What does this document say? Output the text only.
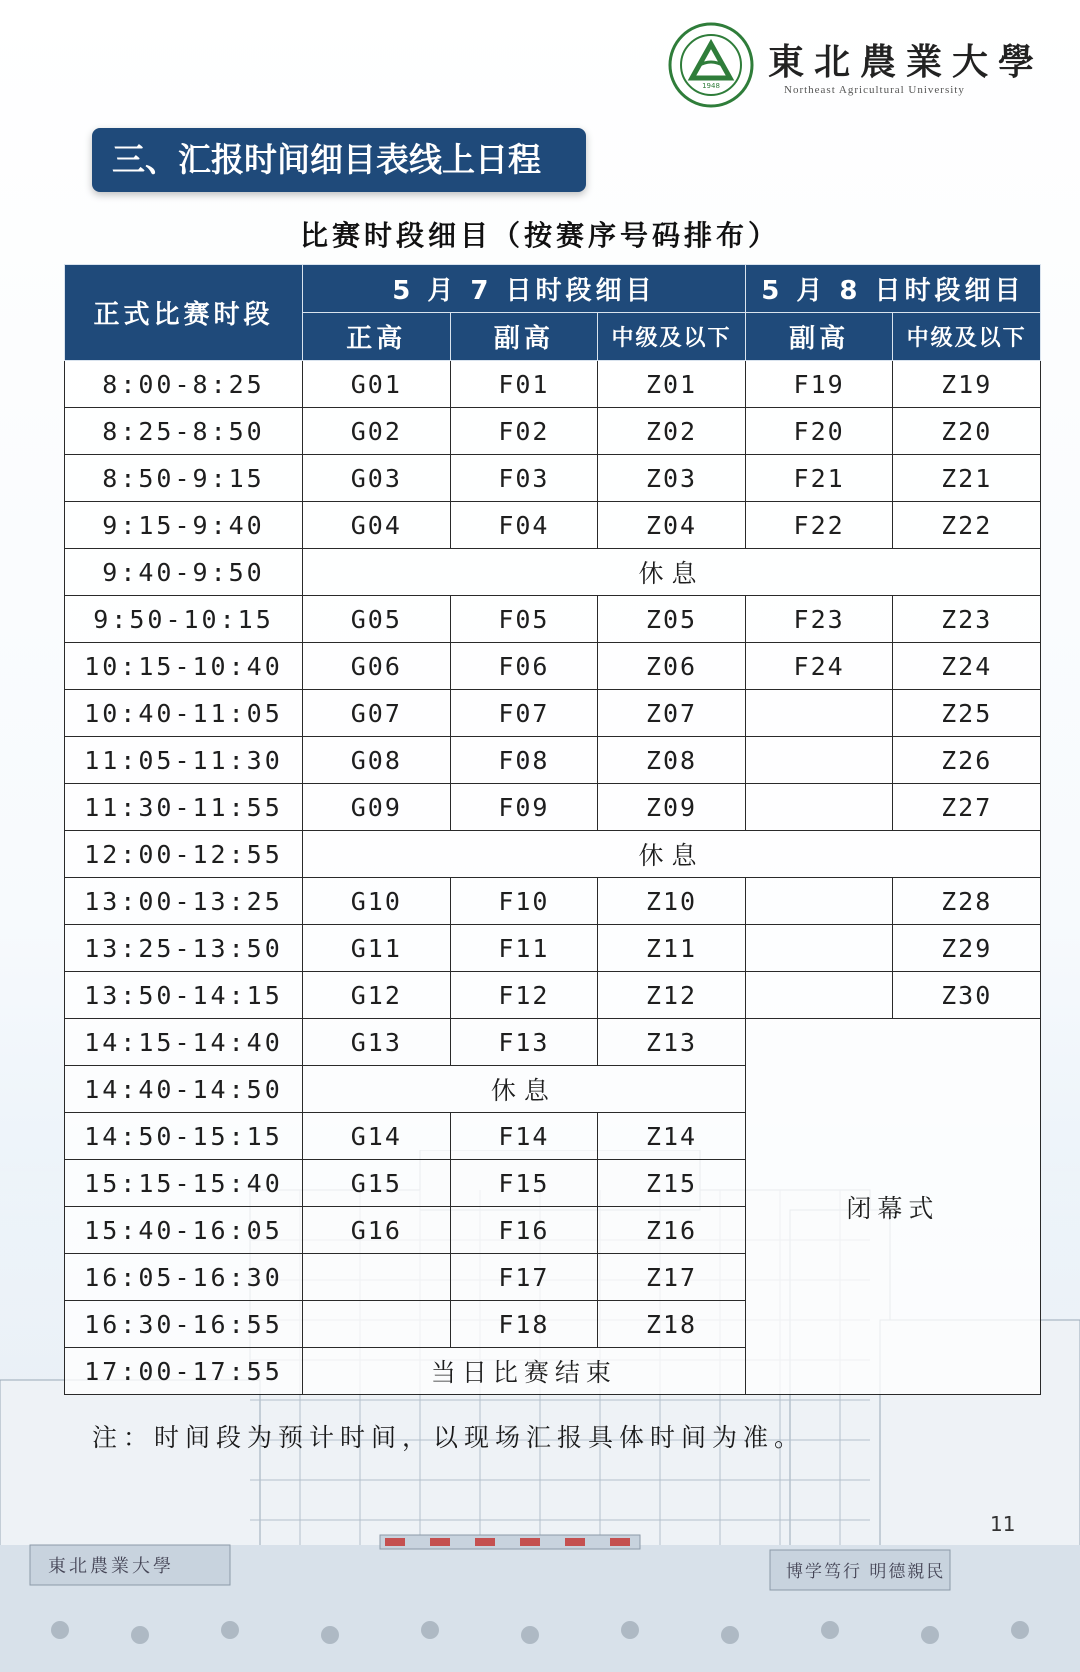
東北農業大學	博学笃行 明德親民
1948
東北農業大學
Northeast Agricultural University
三、汇报时间细目表线上日程
比赛时段细目（按赛序号码排布）
正式比赛时段	5 月 7 日时段细目			5 月 8 日时段细目	
	正高	副高	中级及以下	副高	中级及以下
8:00-8:25	G01	F01	Z01	F19	Z19
8:25-8:50	G02	F02	Z02	F20	Z20
8:50-9:15	G03	F03	Z03	F21	Z21
9:15-9:40	G04	F04	Z04	F22	Z22
9:40-9:50	休息				
9:50-10:15	G05	F05	Z05	F23	Z23
10:15-10:40	G06	F06	Z06	F24	Z24
10:40-11:05	G07	F07	Z07		Z25
11:05-11:30	G08	F08	Z08		Z26
11:30-11:55	G09	F09	Z09		Z27
12:00-12:55	休息				
13:00-13:25	G10	F10	Z10		Z28
13:25-13:50	G11	F11	Z11		Z29
13:50-14:15	G12	F12	Z12		Z30
14:15-14:40	G13	F13	Z13	闭幕式	
14:40-14:50	休息				
14:50-15:15	G14	F14	Z14		
15:15-15:40	G15	F15	Z15		
15:40-16:05	G16	F16	Z16		
16:05-16:30		F17	Z17		
16:30-16:55		F18	Z18		
17:00-17:55	当日比赛结束				
注：时间段为预计时间，以现场汇报具体时间为准。
11
